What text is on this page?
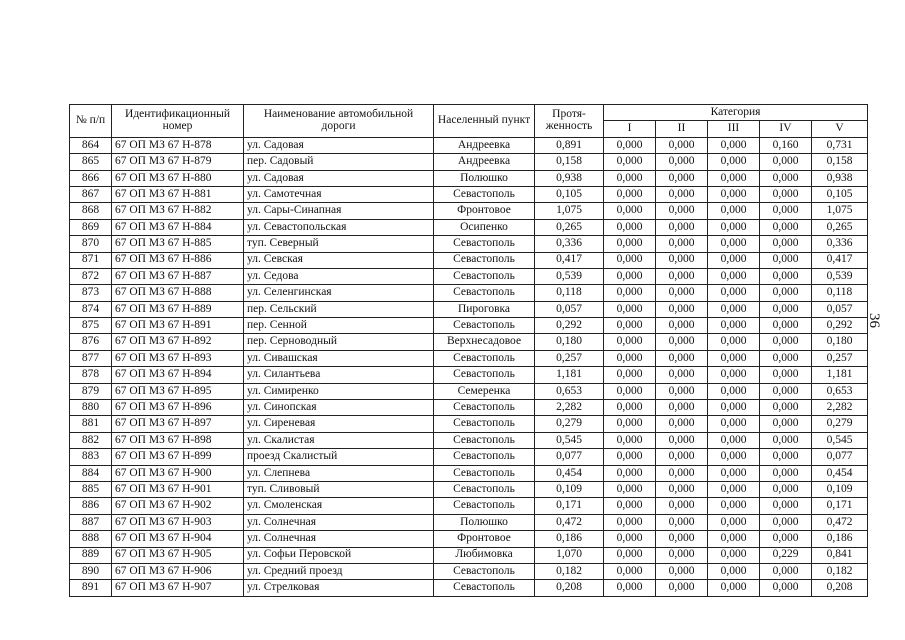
№ п/п	Идентификационный номер	Наименование автомобильной дороги	Населенный пункт	Протя- женность	Категория				
					I	II	III	IV	V
864	67 ОП МЗ 67 Н-878	ул. Садовая	Андреевка	0,891	0,000	0,000	0,000	0,160	0,731
865	67 ОП МЗ 67 Н-879	пер. Садовый	Андреевка	0,158	0,000	0,000	0,000	0,000	0,158
866	67 ОП МЗ 67 Н-880	ул. Садовая	Полюшко	0,938	0,000	0,000	0,000	0,000	0,938
867	67 ОП МЗ 67 Н-881	ул. Самотечная	Севастополь	0,105	0,000	0,000	0,000	0,000	0,105
868	67 ОП МЗ 67 Н-882	ул. Сары-Синапная	Фронтовое	1,075	0,000	0,000	0,000	0,000	1,075
869	67 ОП МЗ 67 Н-884	ул. Севастопольская	Осипенко	0,265	0,000	0,000	0,000	0,000	0,265
870	67 ОП МЗ 67 Н-885	туп. Северный	Севастополь	0,336	0,000	0,000	0,000	0,000	0,336
871	67 ОП МЗ 67 Н-886	ул. Севская	Севастополь	0,417	0,000	0,000	0,000	0,000	0,417
872	67 ОП МЗ 67 Н-887	ул. Седова	Севастополь	0,539	0,000	0,000	0,000	0,000	0,539
873	67 ОП МЗ 67 Н-888	ул. Селенгинская	Севастополь	0,118	0,000	0,000	0,000	0,000	0,118
874	67 ОП МЗ 67 Н-889	пер. Сельский	Пироговка	0,057	0,000	0,000	0,000	0,000	0,057
875	67 ОП МЗ 67 Н-891	пер. Сенной	Севастополь	0,292	0,000	0,000	0,000	0,000	0,292
876	67 ОП МЗ 67 Н-892	пер. Серноводный	Верхнесадовое	0,180	0,000	0,000	0,000	0,000	0,180
877	67 ОП МЗ 67 Н-893	ул. Сивашская	Севастополь	0,257	0,000	0,000	0,000	0,000	0,257
878	67 ОП МЗ 67 Н-894	ул. Силантьева	Севастополь	1,181	0,000	0,000	0,000	0,000	1,181
879	67 ОП МЗ 67 Н-895	ул. Симиренко	Семеренка	0,653	0,000	0,000	0,000	0,000	0,653
880	67 ОП МЗ 67 Н-896	ул. Синопская	Севастополь	2,282	0,000	0,000	0,000	0,000	2,282
881	67 ОП МЗ 67 Н-897	ул. Сиреневая	Севастополь	0,279	0,000	0,000	0,000	0,000	0,279
882	67 ОП МЗ 67 Н-898	ул. Скалистая	Севастополь	0,545	0,000	0,000	0,000	0,000	0,545
883	67 ОП МЗ 67 Н-899	проезд Скалистый	Севастополь	0,077	0,000	0,000	0,000	0,000	0,077
884	67 ОП МЗ 67 Н-900	ул. Слепнева	Севастополь	0,454	0,000	0,000	0,000	0,000	0,454
885	67 ОП МЗ 67 Н-901	туп. Сливовый	Севастополь	0,109	0,000	0,000	0,000	0,000	0,109
886	67 ОП МЗ 67 Н-902	ул. Смоленская	Севастополь	0,171	0,000	0,000	0,000	0,000	0,171
887	67 ОП МЗ 67 Н-903	ул. Солнечная	Полюшко	0,472	0,000	0,000	0,000	0,000	0,472
888	67 ОП МЗ 67 Н-904	ул. Солнечная	Фронтовое	0,186	0,000	0,000	0,000	0,000	0,186
889	67 ОП МЗ 67 Н-905	ул. Софьи Перовской	Любимовка	1,070	0,000	0,000	0,000	0,229	0,841
890	67 ОП МЗ 67 Н-906	ул. Средний проезд	Севастополь	0,182	0,000	0,000	0,000	0,000	0,182
891	67 ОП МЗ 67 Н-907	ул. Стрелковая	Севастополь	0,208	0,000	0,000	0,000	0,000	0,208
36
